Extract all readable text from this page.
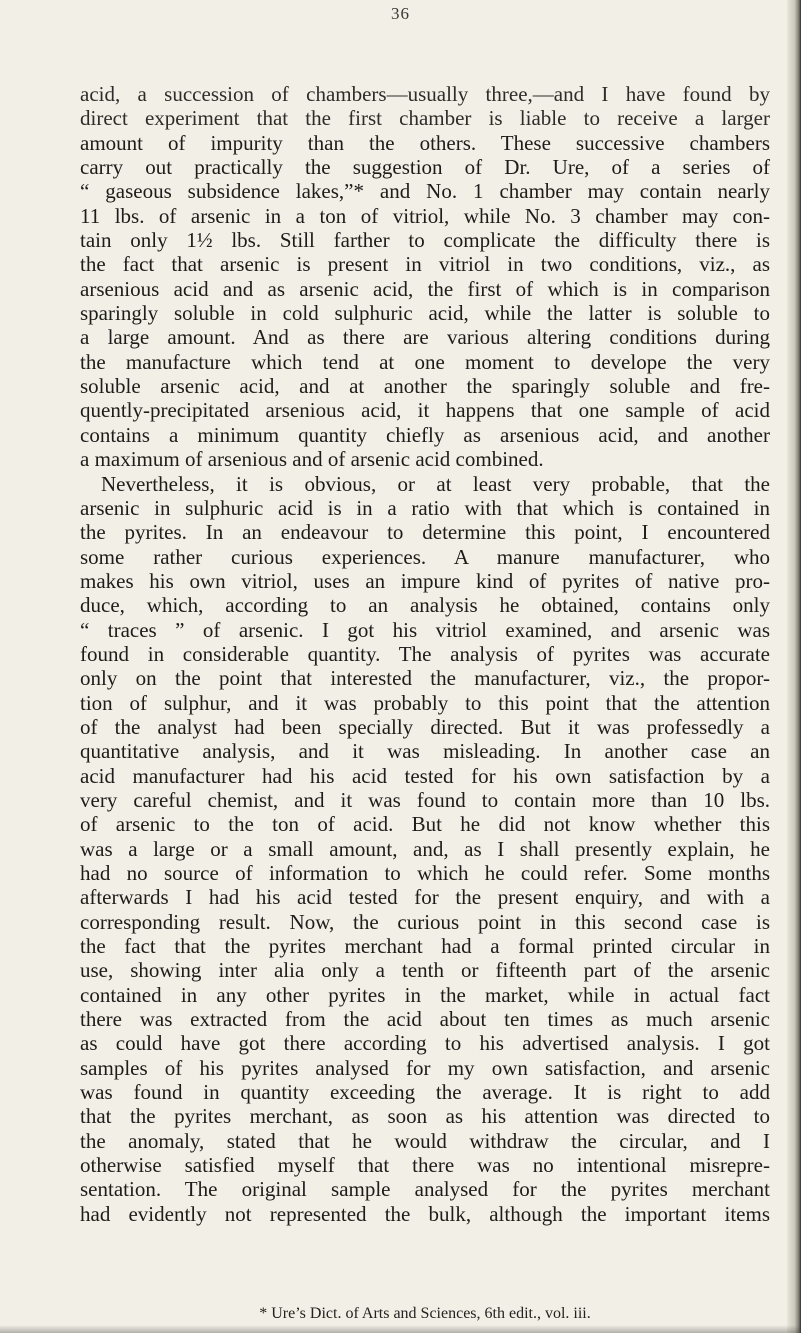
36
acid, a succession of chambers—usually three,—and I have found by
direct experiment that the first chamber is liable to receive a larger
amount of impurity than the others. These successive chambers
carry out practically the suggestion of Dr. Ure, of a series of
“ gaseous subsidence lakes,”* and No. 1 chamber may contain nearly
11 lbs. of arsenic in a ton of vitriol, while No. 3 chamber may con-
tain only 1½ lbs. Still farther to complicate the difficulty there is
the fact that arsenic is present in vitriol in two conditions, viz., as
arsenious acid and as arsenic acid, the first of which is in comparison
sparingly soluble in cold sulphuric acid, while the latter is soluble to
a large amount. And as there are various altering conditions during
the manufacture which tend at one moment to develope the very
soluble arsenic acid, and at another the sparingly soluble and fre-
quently-precipitated arsenious acid, it happens that one sample of acid
contains a minimum quantity chiefly as arsenious acid, and another
a maximum of arsenious and of arsenic acid combined.
Nevertheless, it is obvious, or at least very probable, that the
arsenic in sulphuric acid is in a ratio with that which is contained in
the pyrites. In an endeavour to determine this point, I encountered
some rather curious experiences. A manure manufacturer, who
makes his own vitriol, uses an impure kind of pyrites of native pro-
duce, which, according to an analysis he obtained, contains only
“ traces ” of arsenic. I got his vitriol examined, and arsenic was
found in considerable quantity. The analysis of pyrites was accurate
only on the point that interested the manufacturer, viz., the propor-
tion of sulphur, and it was probably to this point that the attention
of the analyst had been specially directed. But it was professedly a
quantitative analysis, and it was misleading. In another case an
acid manufacturer had his acid tested for his own satisfaction by a
very careful chemist, and it was found to contain more than 10 lbs.
of arsenic to the ton of acid. But he did not know whether this
was a large or a small amount, and, as I shall presently explain, he
had no source of information to which he could refer. Some months
afterwards I had his acid tested for the present enquiry, and with a
corresponding result. Now, the curious point in this second case is
the fact that the pyrites merchant had a formal printed circular in
use, showing inter alia only a tenth or fifteenth part of the arsenic
contained in any other pyrites in the market, while in actual fact
there was extracted from the acid about ten times as much arsenic
as could have got there according to his advertised analysis. I got
samples of his pyrites analysed for my own satisfaction, and arsenic
was found in quantity exceeding the average. It is right to add
that the pyrites merchant, as soon as his attention was directed to
the anomaly, stated that he would withdraw the circular, and I
otherwise satisfied myself that there was no intentional misrepre-
sentation. The original sample analysed for the pyrites merchant
had evidently not represented the bulk, although the important items
* Ure’s Dict. of Arts and Sciences, 6th edit., vol. iii.
